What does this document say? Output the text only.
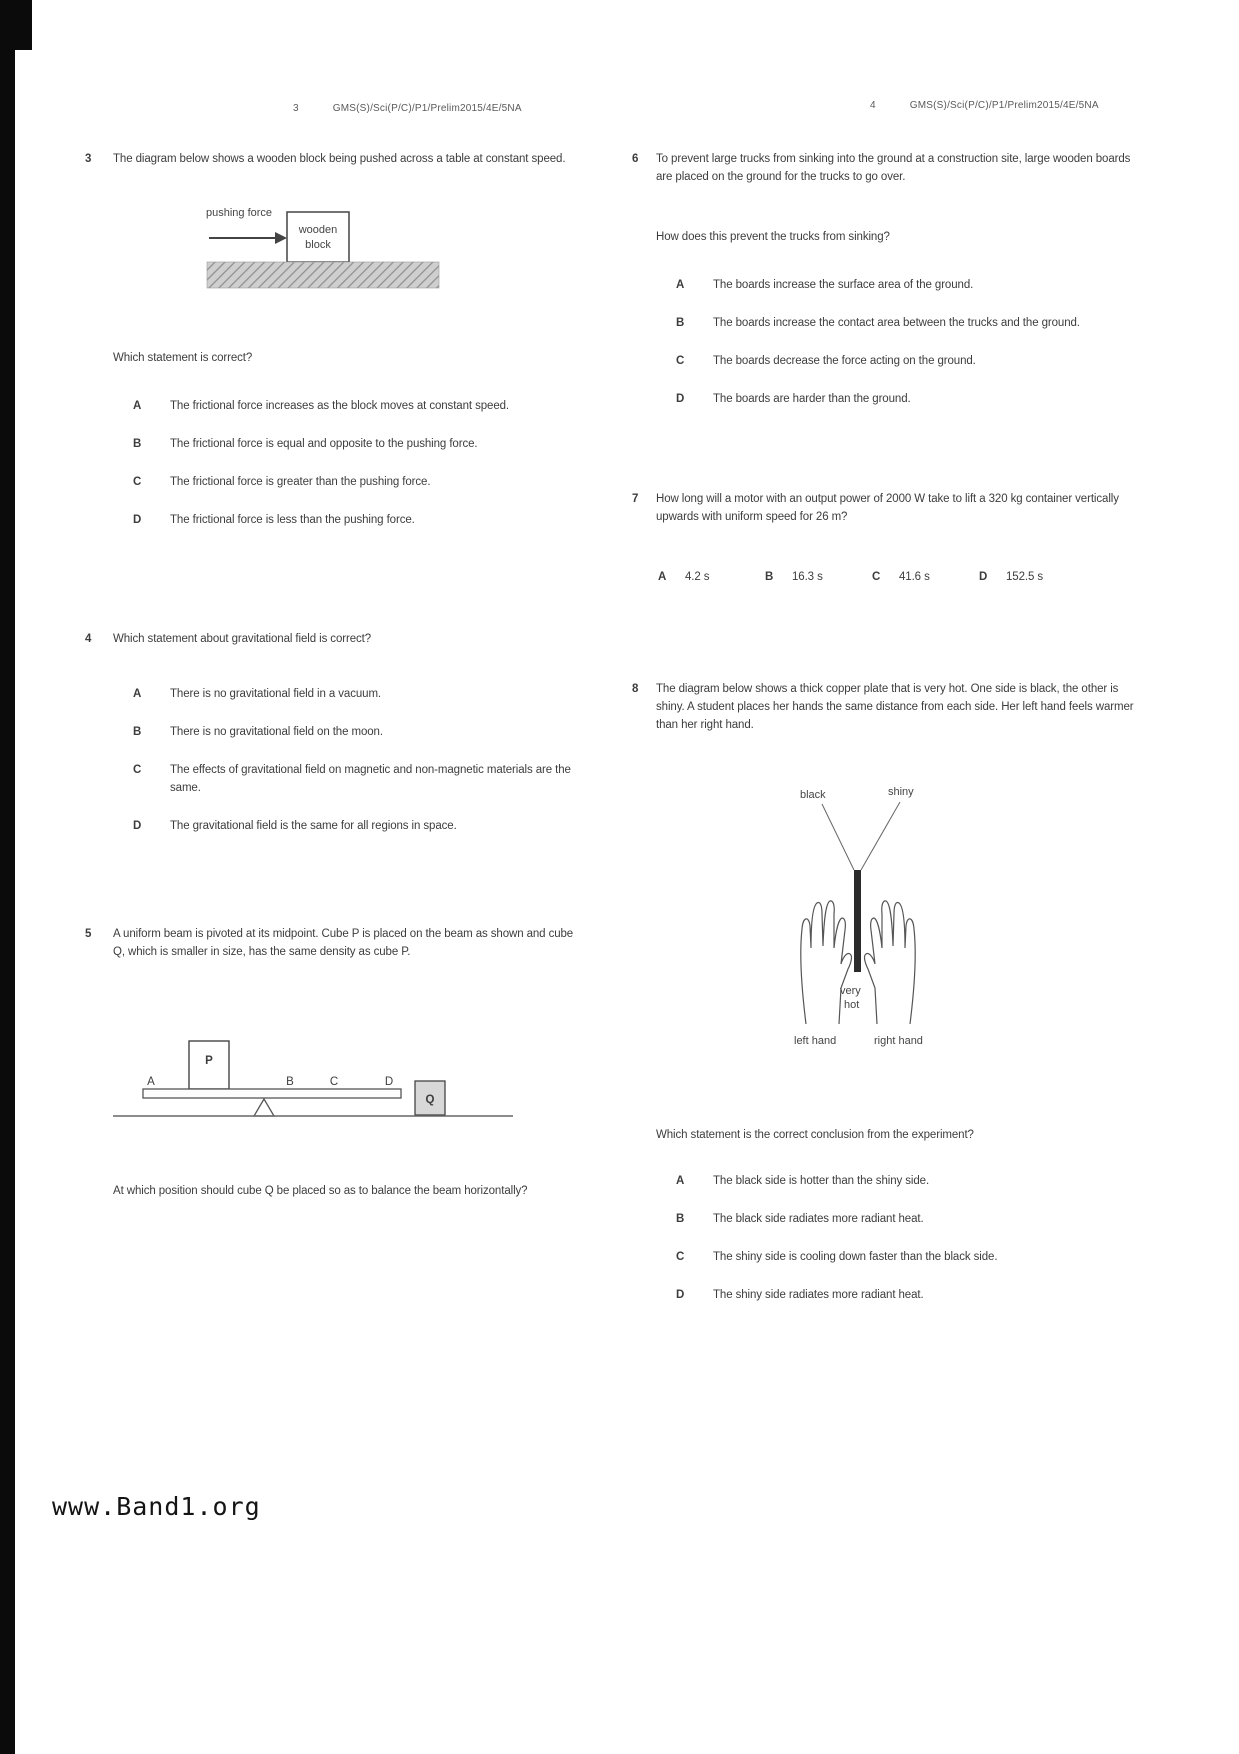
3	GMS(S)/Sci(P/C)/P1/Prelim2015/4E/5NA
3	The diagram below shows a wooden block being pushed across a table at constant speed.

pushing force
wooden
block

Which statement is correct?

A	The frictional force increases as the block moves at constant speed.
B	The frictional force is equal and opposite to the pushing force.
C	The frictional force is greater than the pushing force.
D	The frictional force is less than the pushing force.
4	Which statement about gravitational field is correct?

A	There is no gravitational field in a vacuum.
B	There is no gravitational field on the moon.
C	The effects of gravitational field on magnetic and non-magnetic materials are the same.
D	The gravitational field is the same for all regions in space.
5	A uniform beam is pivoted at its midpoint. Cube P is placed on the beam as shown and cube Q, which is smaller in size, has the same density as cube P.

P
A	B	C	D
Q

At which position should cube Q be placed so as to balance the beam horizontally?

4	GMS(S)/Sci(P/C)/P1/Prelim2015/4E/5NA
6	To prevent large trucks from sinking into the ground at a construction site, large wooden boards are placed on the ground for the trucks to go over.

How does this prevent the trucks from sinking?

A	The boards increase the surface area of the ground.
B	The boards increase the contact area between the trucks and the ground.
C	The boards decrease the force acting on the ground.
D	The boards are harder than the ground.
7	How long will a motor with an output power of 2000 W take to lift a 320 kg container vertically upwards with uniform speed for 26 m?

A	4.2 s	B	16.3 s	C	41.6 s	D	152.5 s
8	The diagram below shows a thick copper plate that is very hot. One side is black, the other is shiny. A student places her hands the same distance from each side. Her left hand feels warmer than her right hand.

black	shiny
very
hot
left hand	right hand

Which statement is the correct conclusion from the experiment?

A	The black side is hotter than the shiny side.
B	The black side radiates more radiant heat.
C	The shiny side is cooling down faster than the black side.
D	The shiny side radiates more radiant heat.
www.Band1.org
